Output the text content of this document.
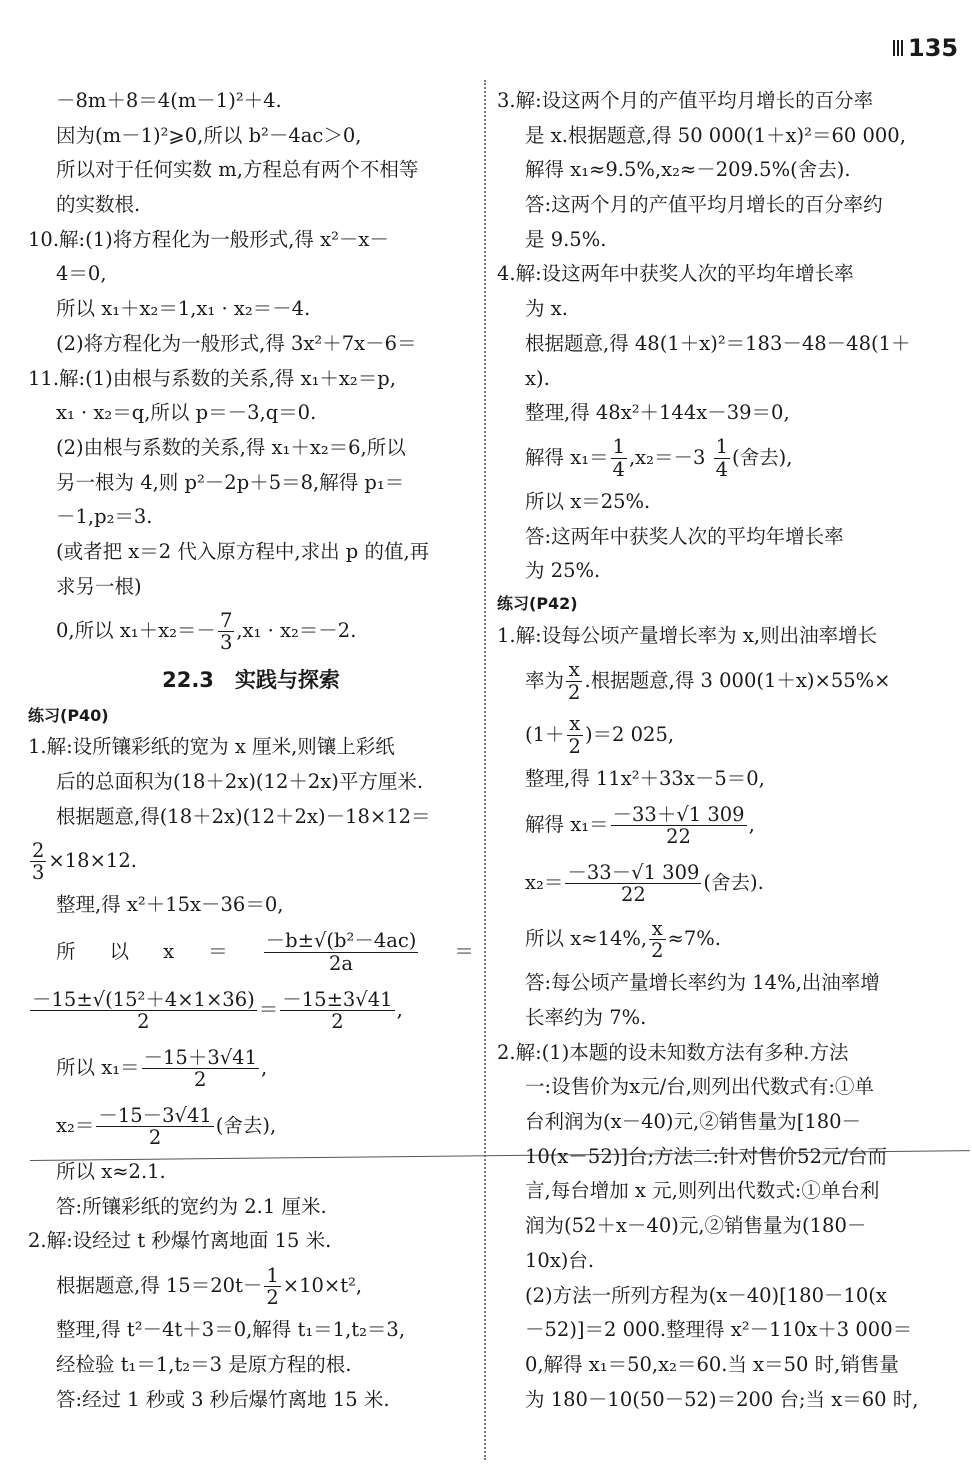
135
－8m＋8＝4(m－1)²＋4.
因为(m－1)²⩾0,所以 b²－4ac＞0,
所以对于任何实数 m,方程总有两个不相等
的实数根.
10.解:(1)将方程化为一般形式,得 x²－x－
4＝0,
所以 x₁＋x₂＝1,x₁ · x₂＝－4.
(2)将方程化为一般形式,得 3x²＋7x－6＝
11.解:(1)由根与系数的关系,得 x₁＋x₂＝p,
x₁ · x₂＝q,所以 p＝－3,q＝0.
(2)由根与系数的关系,得 x₁＋x₂＝6,所以
另一根为 4,则 p²－2p＋5＝8,解得 p₁＝
－1,p₂＝3.
(或者把 x＝2 代入原方程中,求出 p 的值,再
求另一根)
0,所以 $x_1+x_2=- \frac{7}{3} ,x_1 \cdot x_2=-2$.
22.3　实践与探索
练习(P40)
1.解:设所镶彩纸的宽为 x 厘米,则镶上彩纸
后的总面积为(18＋2x)(12＋2x)平方厘米.
根据题意,得(18＋2x)(12＋2x)－18×12＝
$\frac{2}{3} \times 18\times 12$.
整理,得 x²＋15x－36＝0,
所 以 $x = \frac{\text{－b±√(b²－4ac)}}{2a}$ ＝
$\frac{\text{－15±√(15²＋4×1×36)}}{2} = \frac{-15\pm 3√41}{2}$ ,
所以 $x_1= \frac{-15+3√41}{2}$ ,
$x_2= \frac{-15-3√41}{2}$ (舍去),
所以 x≈2.1.
答:所镶彩纸的宽约为 2.1 厘米.
2.解:设经过 t 秒爆竹离地面 15 米.
根据题意,得 $15=20t- \frac{1}{2} \times 10\times t^2$,
整理,得 t²－4t＋3＝0,解得 t₁＝1,t₂＝3,
经检验 t₁＝1,t₂＝3 是原方程的根.
答:经过 1 秒或 3 秒后爆竹离地 15 米.
3.解:设这两个月的产值平均月增长的百分率
是 x.根据题意,得 50 000(1＋x)²＝60 000,
解得 x₁≈9.5%,x₂≈－209.5%(舍去).
答:这两个月的产值平均月增长的百分率约
是 9.5%.
4.解:设这两年中获奖人次的平均年增长率
为 x.
根据题意,得 48(1＋x)²＝183－48－48(1＋
x).
整理,得 48x²＋144x－39＝0,
解得 $x_1= \frac{1}{4} ,x_2=-3 \frac{1}{4}$ (舍去),
所以 x＝25%.
答:这两年中获奖人次的平均年增长率
为 25%.
练习(P42)
1.解:设每公顷产量增长率为 x,则出油率增长
率为 $\frac{x}{2}$ .根据题意,得 3 000(1＋x)×55%×
$(1+ \frac{x}{2} )=2$ 025,
整理,得 11x²＋33x－5＝0,
解得 $x_1= \frac{-33+√1 309}{22}$ ,
$x_2= \frac{-33-√1 309}{22}$ (舍去).
所以 x≈14%, $\frac{x}{2} \approx 7\%$.
答:每公顷产量增长率约为 14%,出油率增
长率约为 7%.
2.解:(1)本题的设未知数方法有多种.方法
一:设售价为x元/台,则列出代数式有:①单
台利润为(x－40)元,②销售量为[180－
10(x－52)]台;方法二:针对售价52元/台而
言,每台增加 x 元,则列出代数式:①单台利
润为(52＋x－40)元,②销售量为(180－
10x)台.
(2)方法一所列方程为(x－40)[180－10(x
－52)]＝2 000.整理得 x²－110x＋3 000＝
0,解得 x₁＝50,x₂＝60.当 x＝50 时,销售量
为 180－10(50－52)＝200 台;当 x＝60 时,
